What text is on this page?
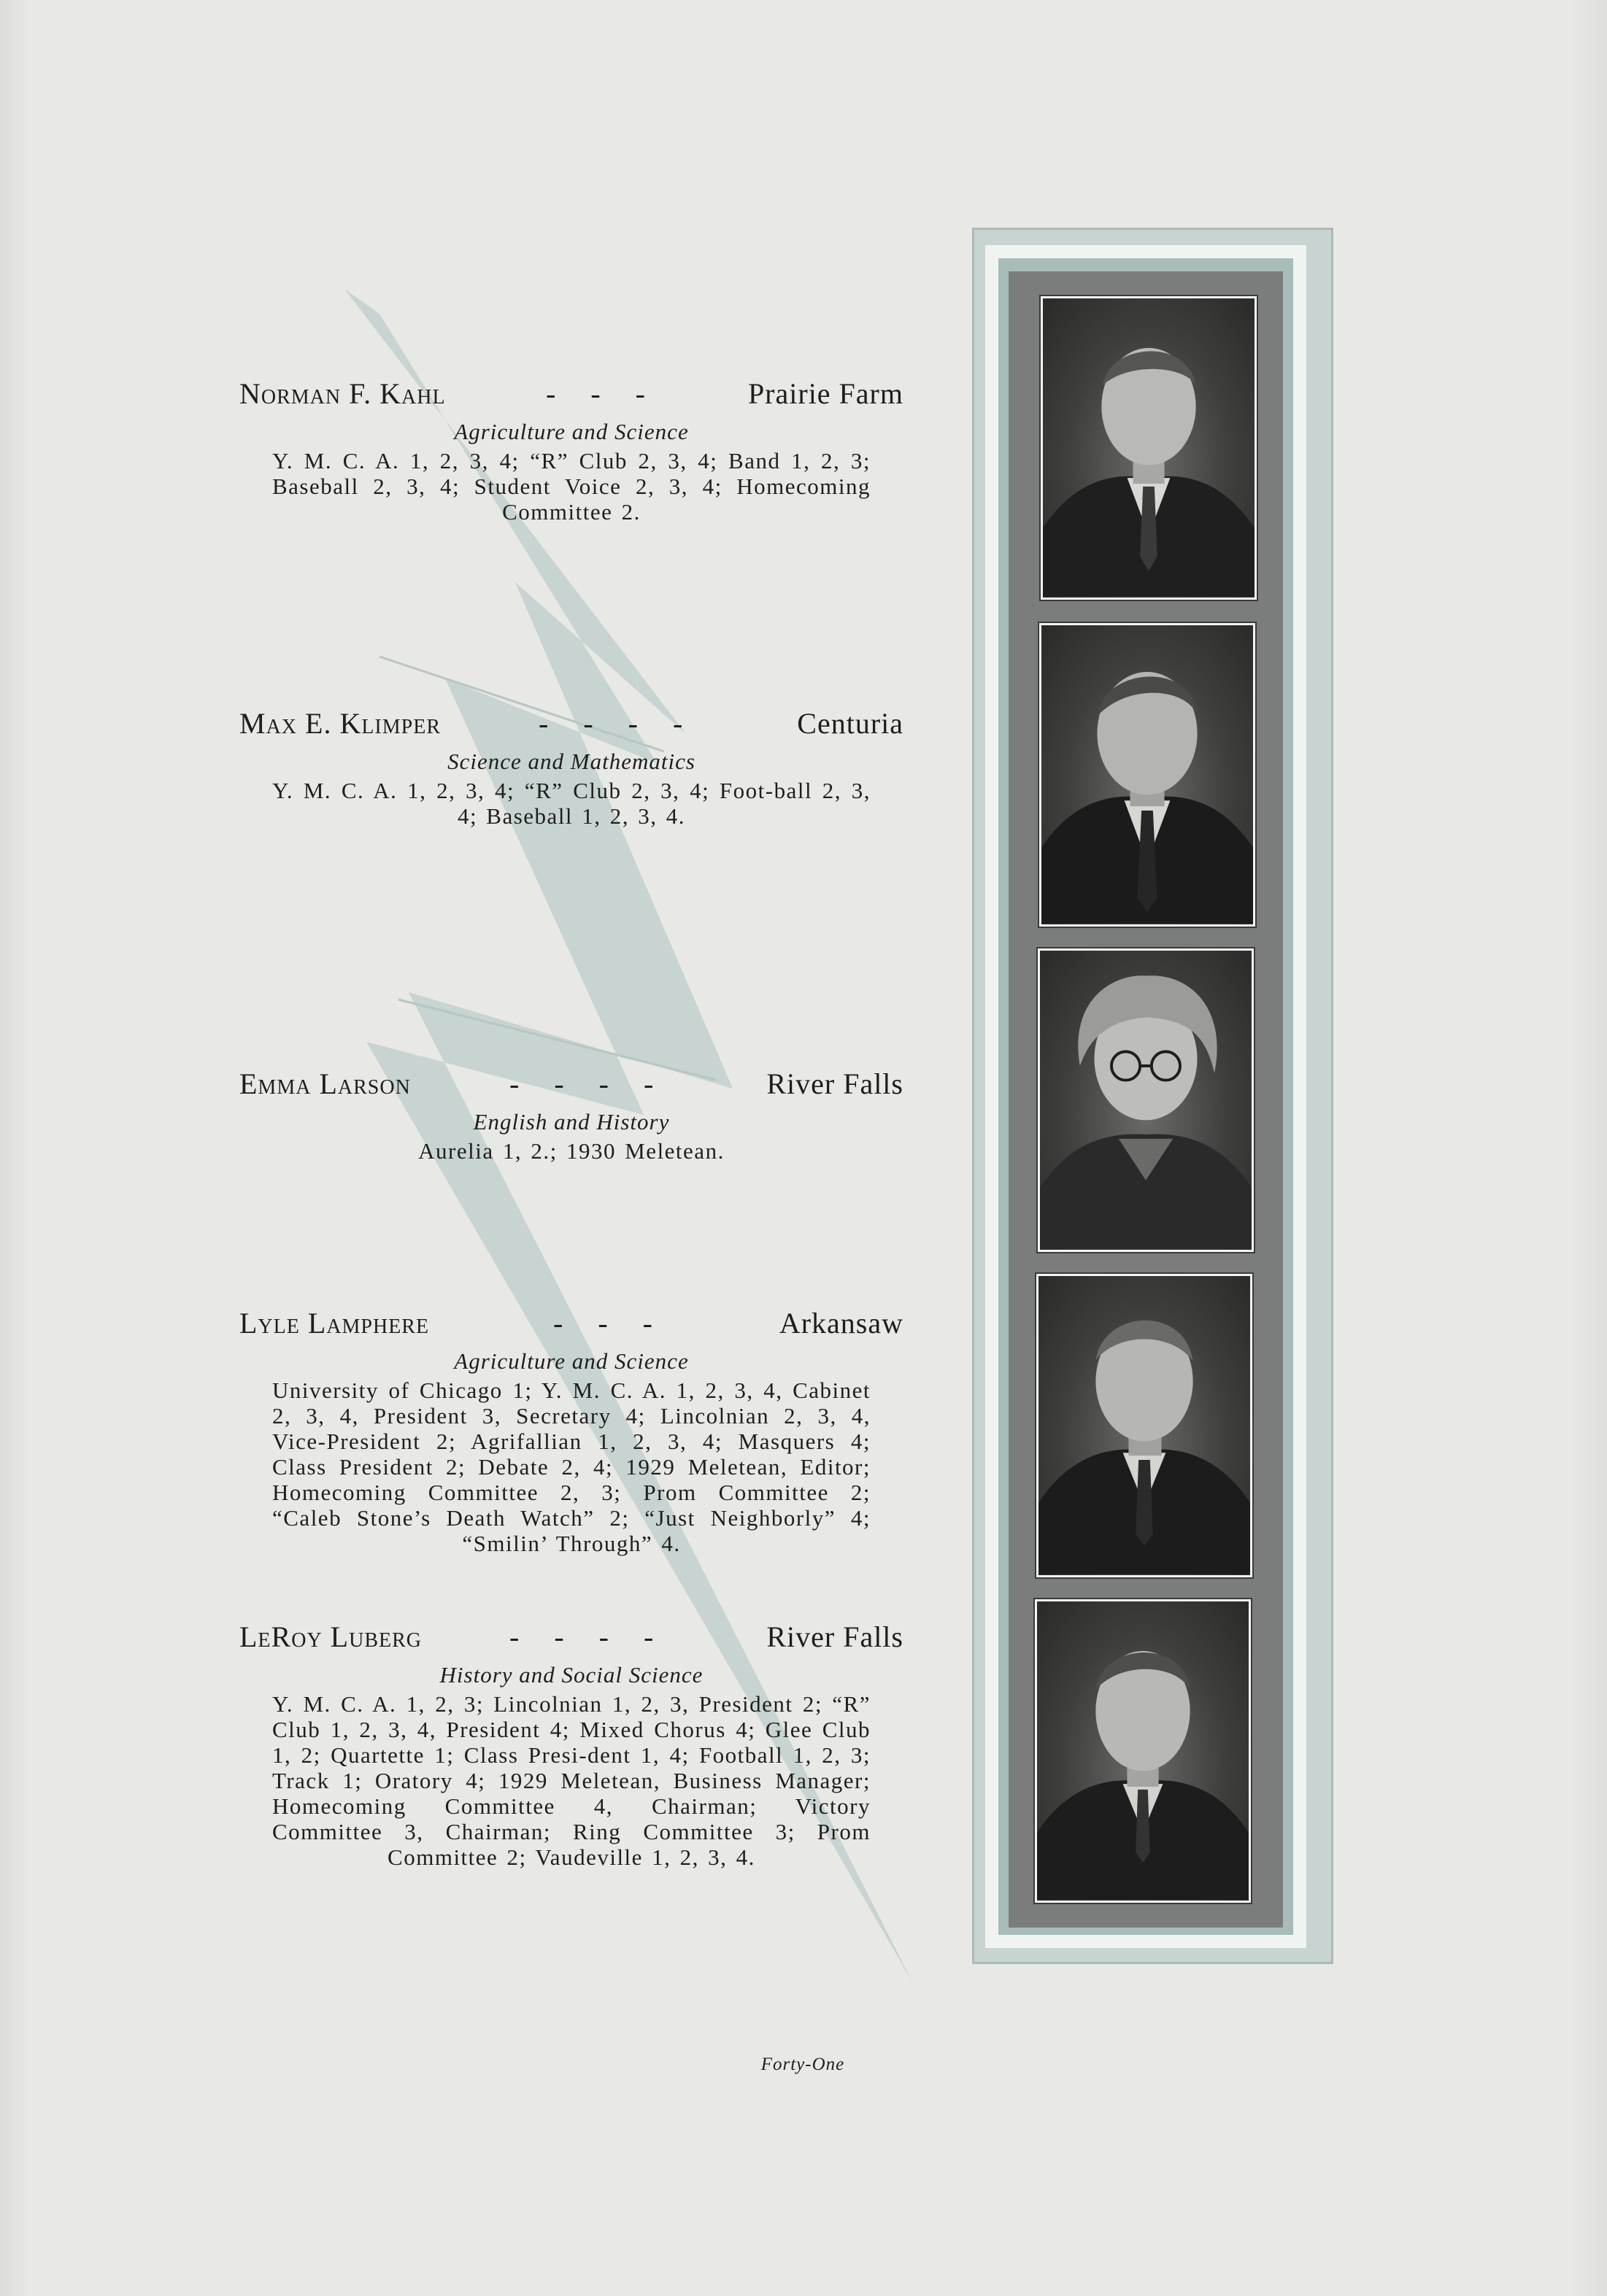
Norman F. Kahl	- - -	Prairie Farm
Agriculture and Science
Y. M. C. A. 1, 2, 3, 4; “R” Club 2, 3, 4; Band 1, 2, 3; Baseball 2, 3, 4; Student Voice 2, 3, 4; Homecoming Committee 2.
Max E. Klimper	- - - -	Centuria
Science and Mathematics
Y. M. C. A. 1, 2, 3, 4; “R” Club 2, 3, 4; Foot-ball 2, 3, 4; Baseball 1, 2, 3, 4.
Emma Larson	- - - -	River Falls
English and History
Aurelia 1, 2.; 1930 Meletean.
Lyle Lamphere	- - -	Arkansaw
Agriculture and Science
University of Chicago 1; Y. M. C. A. 1, 2, 3, 4, Cabinet 2, 3, 4, President 3, Secretary 4; Lincolnian 2, 3, 4, Vice-President 2; Agrifallian 1, 2, 3, 4; Masquers 4; Class President 2; Debate 2, 4; 1929 Meletean, Editor; Homecoming Committee 2, 3; Prom Committee 2; “Caleb Stone’s Death Watch” 2; “Just Neighborly” 4; “Smilin’ Through” 4.
LeRoy Luberg	- - - -	River Falls
History and Social Science
Y. M. C. A. 1, 2, 3; Lincolnian 1, 2, 3, President 2; “R” Club 1, 2, 3, 4, President 4; Mixed Chorus 4; Glee Club 1, 2; Quartette 1; Class Presi-dent 1, 4; Football 1, 2, 3; Track 1; Oratory 4; 1929 Meletean, Business Manager; Homecoming Committee 4, Chairman; Victory Committee 3, Chairman; Ring Committee 3; Prom Committee 2; Vaudeville 1, 2, 3, 4.
Forty-One
